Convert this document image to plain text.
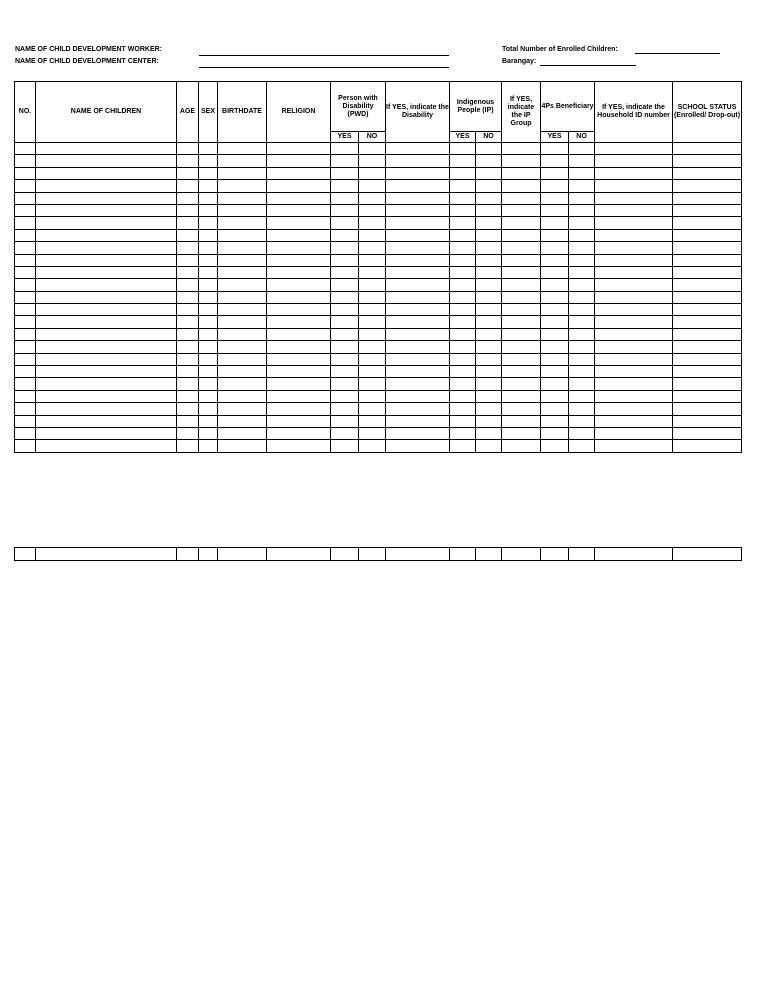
NAME OF CHILD DEVELOPMENT WORKER:
NAME OF CHILD DEVELOPMENT CENTER:
Total Number of Enrolled Children:
Barangay:
NO.	NAME OF CHILDREN	AGE	SEX	BIRTHDATE	RELIGION	Person with Disability (PWD)		If YES, indicate the Disability	Indigenous People (IP)		If YES, indicate the IP Group	4Ps Beneficiary		If YES, indicate the Household ID number	SCHOOL STATUS (Enrolled/ Drop-out)
						YES	NO		YES	NO		YES	NO		
